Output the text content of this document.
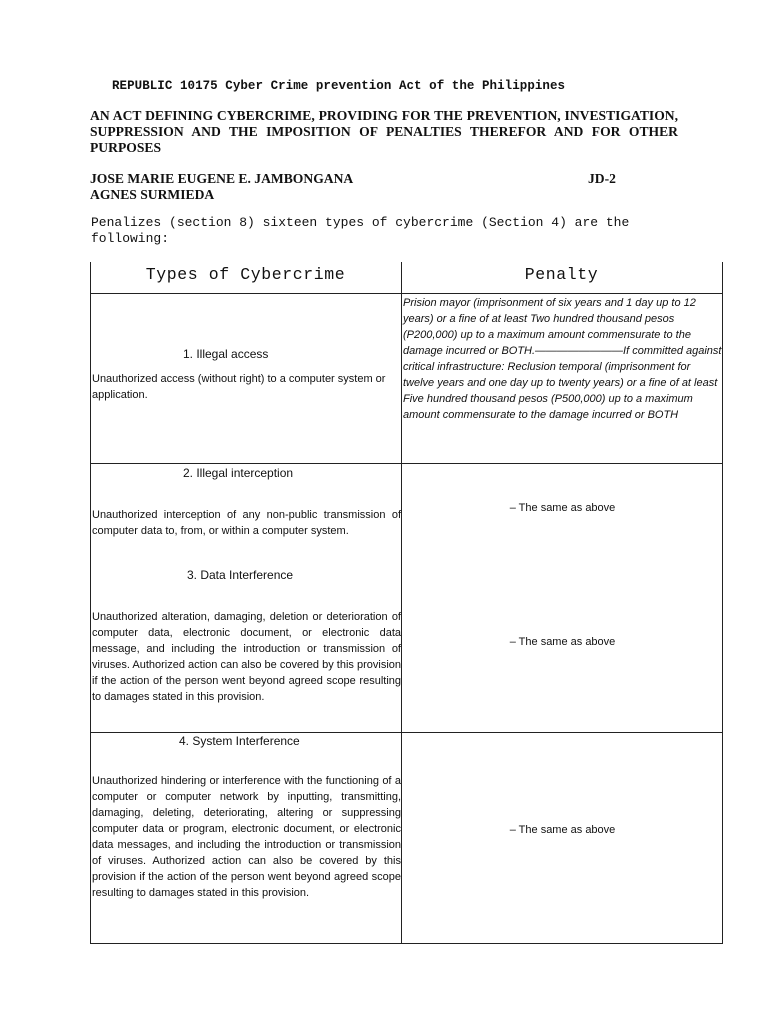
REPUBLIC 10175 Cyber Crime prevention Act of the Philippines
AN ACT DEFINING CYBERCRIME, PROVIDING FOR THE PREVENTION, INVESTIGATION, SUPPRESSION AND THE IMPOSITION OF PENALTIES THEREFOR AND FOR OTHER PURPOSES
JOSE MARIE EUGENE E. JAMBONGANA	JD-2
AGNES SURMIEDA
Penalizes (section 8) sixteen types of cybercrime (Section 4) are the following:
Types of Cybercrime	Penalty
1. Illegal access
Unauthorized access (without right) to a computer system or application.
Prision mayor (imprisonment of six years and 1 day up to 12 years) or a fine of at least Two hundred thousand pesos (P200,000) up to a maximum amount commensurate to the damage incurred or BOTH.————————If committed against critical infrastructure: Reclusion temporal (imprisonment for twelve years and one day up to twenty years) or a fine of at least Five hundred thousand pesos (P500,000) up to a maximum amount commensurate to the damage incurred or BOTH
2. Illegal interception
Unauthorized interception of any non-public transmission of computer data to, from, or within a computer system.
– The same as above
3. Data Interference
Unauthorized alteration, damaging, deletion or deterioration of computer data, electronic document, or electronic data message, and including the introduction or transmission of viruses. Authorized action can also be covered by this provision if the action of the person went beyond agreed scope resulting to damages stated in this provision.
– The same as above
4. System Interference
Unauthorized hindering or interference with the functioning of a computer or computer network by inputting, transmitting, damaging, deleting, deteriorating, altering or suppressing computer data or program, electronic document, or electronic data messages, and including the introduction or transmission of viruses. Authorized action can also be covered by this provision if the action of the person went beyond agreed scope resulting to damages stated in this provision.
– The same as above
